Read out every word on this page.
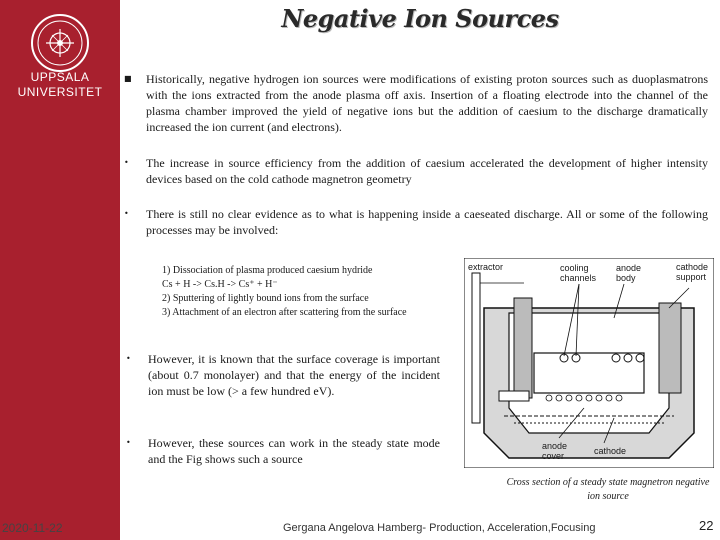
UPPSALA
UNIVERSITET
Negative Ion Sources
■ Historically, negative hydrogen ion sources were modifications of existing proton sources such as duoplasmatrons with the ions extracted from the anode plasma off axis. Insertion of a floating electrode into the channel of the plasma chamber improved the yield of negative ions but the addition of caesium to the discharge dramatically increased the ion current (and electrons).
• The increase in source efficiency from the addition of caesium accelerated the development of higher intensity devices based on the cold cathode magnetron geometry
• There is still no clear evidence as to what is happening inside a caeseated discharge. All or some of the following processes may be involved:
1) Dissociation of plasma produced caesium hydride
Cs + H -> Cs.H -> Cs⁺ + H⁻
2) Sputtering of lightly bound ions from the surface
3) Attachment of an electron after scattering from the surface
• However, it is known that the surface coverage is important (about 0.7 monolayer) and that the energy of the incident ion must be low (> a few hundred eV).
• However, these sources can work in the steady state mode and the Fig shows such a source
extractor	cooling channels
anode body
cathode support
anode cover	cathode
Cross section of a steady state magnetron negative ion source
2020-11-22	Gergana Angelova Hamberg- Production, Acceleration,Focusing	22
